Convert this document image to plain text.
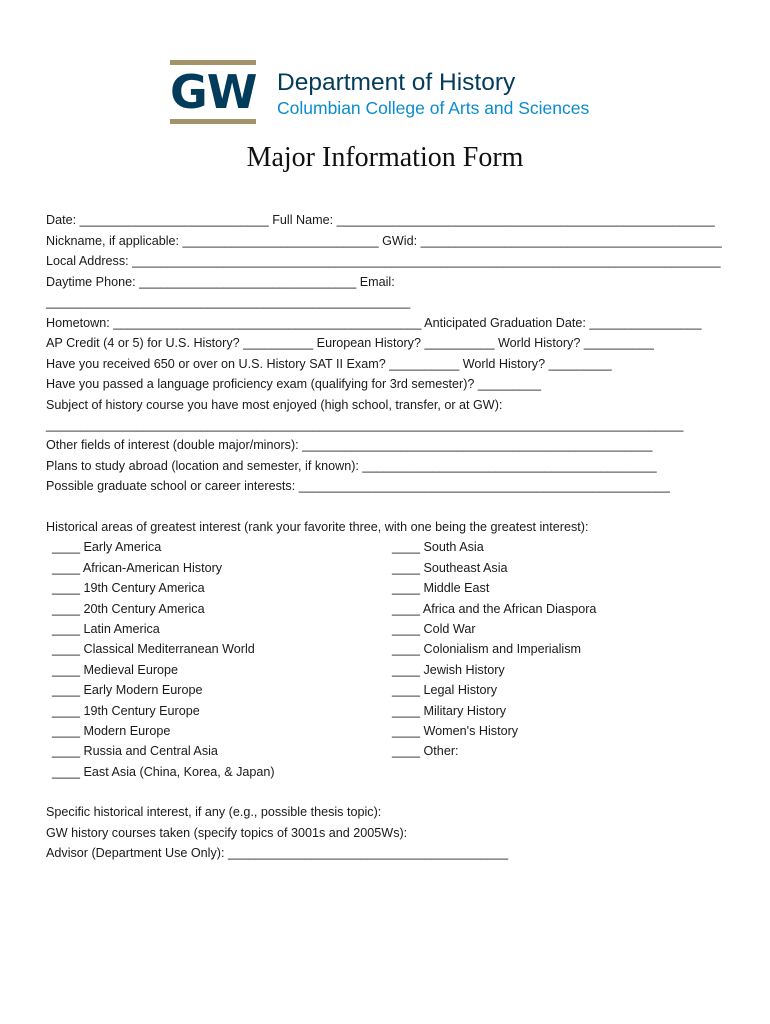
GW Department of History
Columbian College of Arts and Sciences
Major Information Form
Date: ___________________________ Full Name: ______________________________________________________
Nickname, if applicable: ____________________________ GWid: ___________________________________________
Local Address: ____________________________________________________________________________________
Daytime Phone: _______________________________ Email:
____________________________________________________
Hometown: ____________________________________________ Anticipated Graduation Date: ________________
AP Credit (4 or 5) for U.S. History? __________ European History? __________ World History? __________
Have you received 650 or over on U.S. History SAT II Exam? __________ World History? _________
Have you passed a language proficiency exam (qualifying for 3rd semester)? _________
Subject of history course you have most enjoyed (high school, transfer, or at GW):
___________________________________________________________________________________________
Other fields of interest (double major/minors): __________________________________________________
Plans to study abroad (location and semester, if known): __________________________________________
Possible graduate school or career interests: _____________________________________________________
Historical areas of greatest interest (rank your favorite three, with one being the greatest interest):
____ Early America
____ African-American History
____ 19th Century America
____ 20th Century America
____ Latin America
____ Classical Mediterranean World
____ Medieval Europe
____ Early Modern Europe
____ 19th Century Europe
____ Modern Europe
____ Russia and Central Asia
____ East Asia (China, Korea, & Japan)
____ South Asia
____ Southeast Asia
____ Middle East
____ Africa and the African Diaspora
____ Cold War
____ Colonialism and Imperialism
____ Jewish History
____ Legal History
____ Military History
____ Women's History
____ Other:
Specific historical interest, if any (e.g., possible thesis topic):
GW history courses taken (specify topics of 3001s and 2005Ws):
Advisor (Department Use Only): ________________________________________
